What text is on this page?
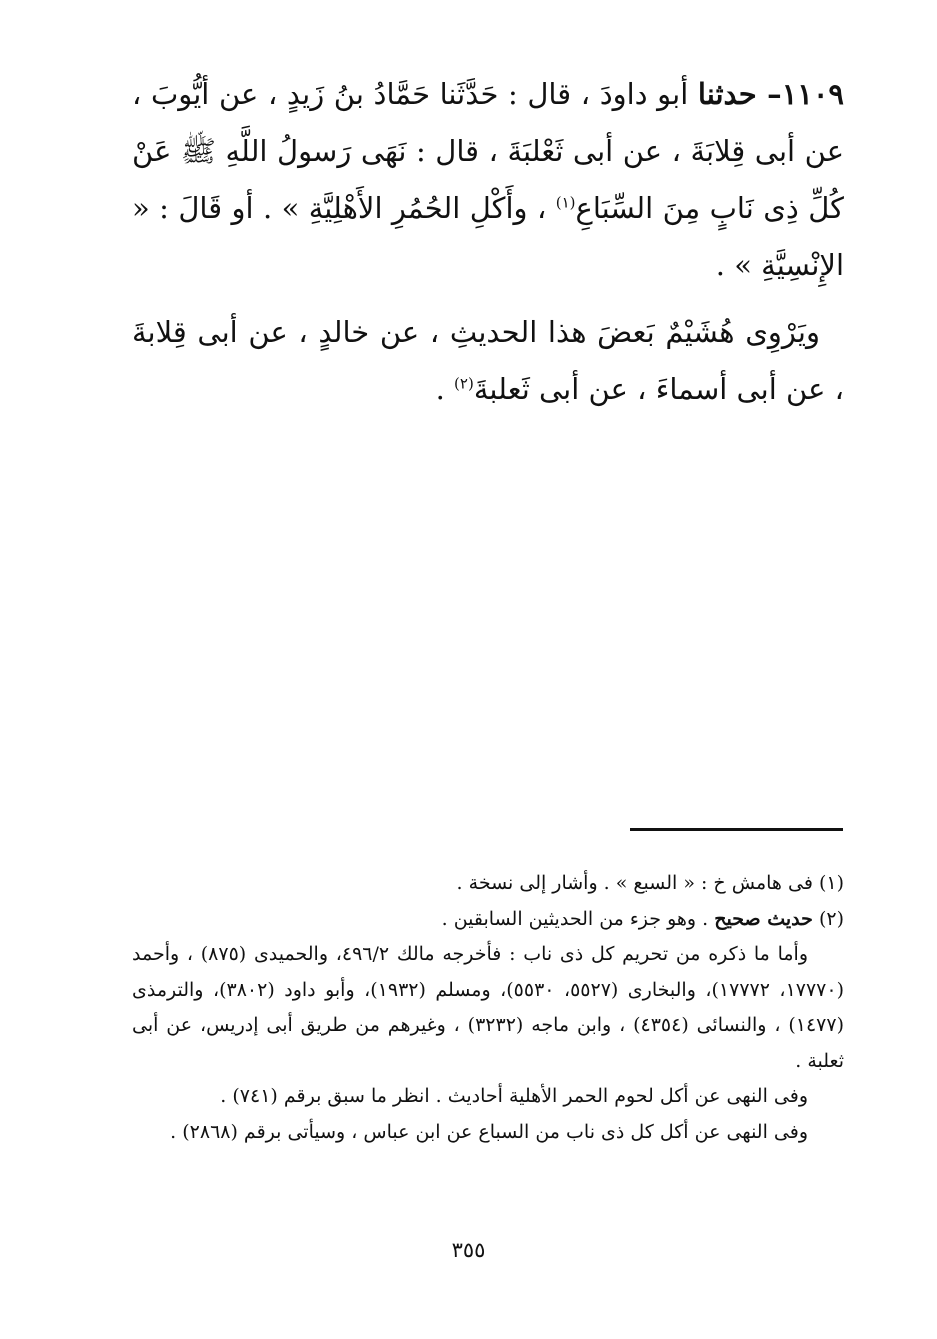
١١٠٩– حدثنا أبو داودَ ، قال : حَدَّثَنا حَمَّادُ بنُ زَيدٍ ، عن أيُّوبَ ، عن أبى قِلابَةَ ، عن أبى ثَعْلبَةَ ، قال : نَهَى رَسولُ اللَّهِ ﷺ عَنْ كُلِّ ذِى نَابٍ مِنَ السِّبَاعِ$^{(١)}$ ، وأَكْلِ الحُمُرِ الأَهْلِيَّةِ » . أو قَالَ : « الإِنْسِيَّةِ » .

ويَرْوِى هُشَيْمٌ بَعضَ هذا الحديثِ ، عن خالدٍ ، عن أبى قِلابةَ ، عن أبى أسماءَ ، عن أبى ثَعلبةَ$^{(٢)}$ .

(١) فى هامش خ : « السبع » . وأشار إلى نسخة .

(٢) حديث صحيح . وهو جزء من الحديثين السابقين .

وأما ما ذكره من تحريم كل ذى ناب : فأخرجه مالك ٤٩٦/٢، والحميدى (٨٧٥) ، وأحمد (١٧٧٧٠، ١٧٧٧٢)، والبخارى (٥٥٢٧، ٥٥٣٠)، ومسلم (١٩٣٢)، وأبو داود (٣٨٠٢)، والترمذى (١٤٧٧) ، والنسائى (٤٣٥٤) ، وابن ماجه (٣٢٣٢) ، وغيرهم من طريق أبى إدريس، عن أبى ثعلبة .

وفى النهى عن أكل لحوم الحمر الأهلية أحاديث . انظر ما سبق برقم (٧٤١) .

وفى النهى عن أكل كل ذى ناب من السباع عن ابن عباس ، وسيأتى برقم (٢٨٦٨) .

٣٥٥
